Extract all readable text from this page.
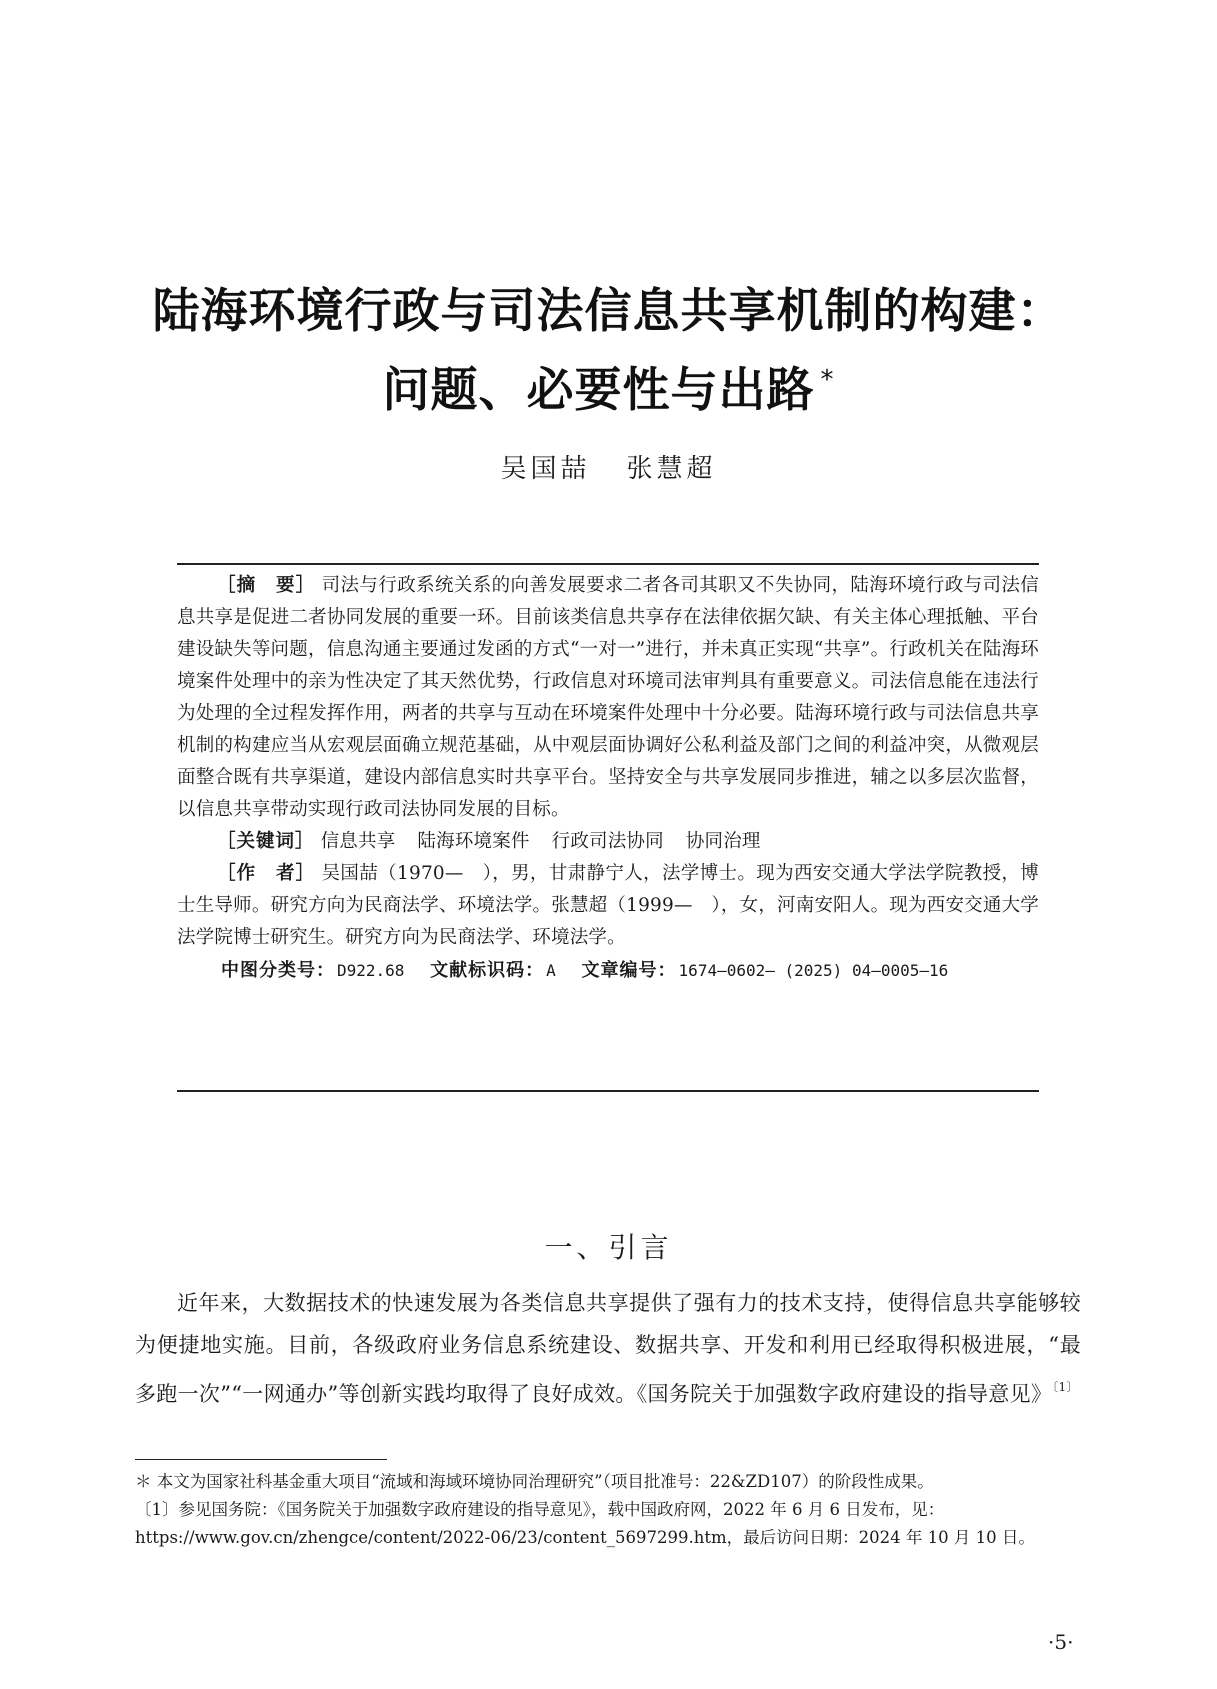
陆海环境行政与司法信息共享机制的构建：
问题、必要性与出路 *
吴国喆 张慧超

［摘　要］ 司法与行政系统关系的向善发展要求二者各司其职又不失协同，陆海环境行政与司法信息共享是促进二者协同发展的重要一环。目前该类信息共享存在法律依据欠缺、有关主体心理抵触、平台建设缺失等问题，信息沟通主要通过发函的方式“一对一”进行，并未真正实现“共享”。行政机关在陆海环境案件处理中的亲为性决定了其天然优势，行政信息对环境司法审判具有重要意义。司法信息能在违法行为处理的全过程发挥作用，两者的共享与互动在环境案件处理中十分必要。陆海环境行政与司法信息共享机制的构建应当从宏观层面确立规范基础，从中观层面协调好公私利益及部门之间的利益冲突，从微观层面整合既有共享渠道，建设内部信息实时共享平台。坚持安全与共享发展同步推进，辅之以多层次监督，以信息共享带动实现行政司法协同发展的目标。

［关键词］ 信息共享 陆海环境案件 行政司法协同 协同治理

［作　者］ 吴国喆（1970—　），男，甘肃静宁人，法学博士。现为西安交通大学法学院教授，博士生导师。研究方向为民商法学、环境法学。张慧超（1999—　），女，河南安阳人。现为西安交通大学法学院博士研究生。研究方向为民商法学、环境法学。

中图分类号： D922.68 文献标识码： A 文章编号： 1674—0602— (2025) 04—0005—16
一、引言

近年来，大数据技术的快速发展为各类信息共享提供了强有力的技术支持，使得信息共享能够较为便捷地实施。目前，各级政府业务信息系统建设、数据共享、开发和利用已经取得积极进展，“最多跑一次”“一网通办”等创新实践均取得了良好成效。《国务院关于加强数字政府建设的指导意见》$^{〔1〕}$

＊ 本文为国家社科基金重大项目“流域和海域环境协同治理研究”（项目批准号：22&ZD107）的阶段性成果。

〔1〕参见国务院：《国务院关于加强数字政府建设的指导意见》，载中国政府网，2022 年 6 月 6 日发布，见：https://www.gov.cn/zhengce/content/2022-06/23/content_5697299.htm，最后访问日期：2024 年 10 月 10 日。

·5·
